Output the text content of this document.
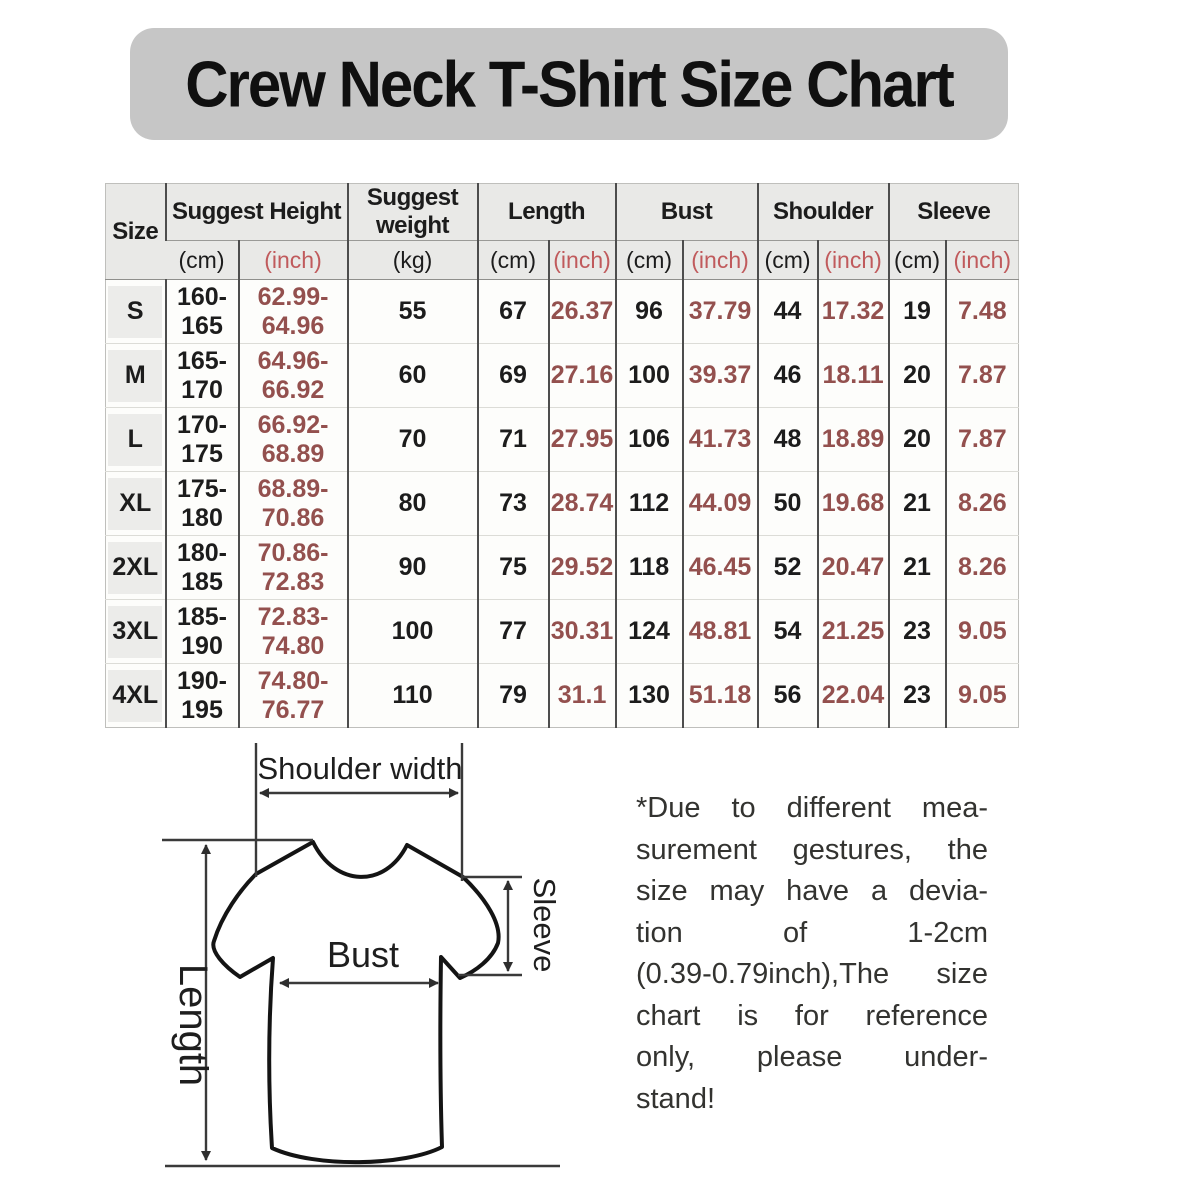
Crew Neck T-Shirt Size Chart
Size	Suggest Height		Suggest weight	Length		Bust		Shoulder		Sleeve	
	(cm)	(inch)	(kg)	(cm)	(inch)	(cm)	(inch)	(cm)	(inch)	(cm)	(inch)
S	160-165	62.99-64.96	55	67	26.37	96	37.79	44	17.32	19	7.48
M	165-170	64.96-66.92	60	69	27.16	100	39.37	46	18.11	20	7.87
L	170-175	66.92-68.89	70	71	27.95	106	41.73	48	18.89	20	7.87
XL	175-180	68.89-70.86	80	73	28.74	112	44.09	50	19.68	21	8.26
2XL	180-185	70.86-72.83	90	75	29.52	118	46.45	52	20.47	21	8.26
3XL	185-190	72.83-74.80	100	77	30.31	124	48.81	54	21.25	23	9.05
4XL	190-195	74.80-76.77	110	79	31.1	130	51.18	56	22.04	23	9.05
Shoulder width
Length
Sleeve
Bust
*Due to different mea-
surement gestures, the
size may have a devia-
tion of 1-2cm
(0.39-0.79inch),The size
chart is for reference
only, please under-
stand!
